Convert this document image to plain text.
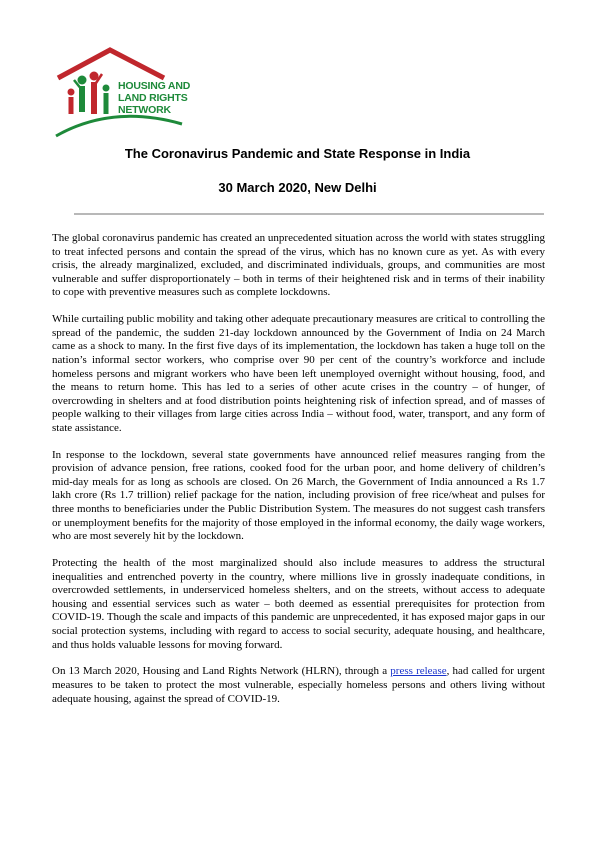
HOUSING AND
LAND RIGHTS
NETWORK
The Coronavirus Pandemic and State Response in India
30 March 2020, New Delhi

The global coronavirus pandemic has created an unprecedented situation across the world with states struggling to treat infected persons and contain the spread of the virus, which has no known cure as yet. As with every crisis, the already marginalized, excluded, and discriminated individuals, groups, and communities are most vulnerable and suffer disproportionately – both in terms of their heightened risk and in terms of their inability to cope with preventive measures such as complete lockdowns.

While curtailing public mobility and taking other adequate precautionary measures are critical to controlling the spread of the pandemic, the sudden 21-day lockdown announced by the Government of India on 24 March came as a shock to many. In the first five days of its implementation, the lockdown has taken a huge toll on the nation’s informal sector workers, who comprise over 90 per cent of the country’s workforce and include homeless persons and migrant workers who have been left unemployed overnight without housing, food, and the means to return home. This has led to a series of other acute crises in the country – of hunger, of overcrowding in shelters and at food distribution points heightening risk of infection spread, and of masses of people walking to their villages from large cities across India – without food, water, transport, and any form of state assistance.

In response to the lockdown, several state governments have announced relief measures ranging from the provision of advance pension, free rations, cooked food for the urban poor, and home delivery of children’s mid-day meals for as long as schools are closed. On 26 March, the Government of India announced a Rs 1.7 lakh crore (Rs 1.7 trillion) relief package for the nation, including provision of free rice/wheat and pulses for three months to beneficiaries under the Public Distribution System. The measures do not suggest cash transfers or unemployment benefits for the majority of those employed in the informal economy, the daily wage workers, who are most severely hit by the lockdown.

Protecting the health of the most marginalized should also include measures to address the structural inequalities and entrenched poverty in the country, where millions live in grossly inadequate conditions, in overcrowded settlements, in underserviced homeless shelters, and on the streets, without access to adequate housing and essential services such as water – both deemed as essential prerequisites for protection from COVID-19. Though the scale and impacts of this pandemic are unprecedented, it has exposed major gaps in our social protection systems, including with regard to access to social security, adequate housing, and healthcare, and thus holds valuable lessons for moving forward.

On 13 March 2020, Housing and Land Rights Network (HLRN), through a press release, had called for urgent measures to be taken to protect the most vulnerable, especially homeless persons and others living without adequate housing, against the spread of COVID-19.
